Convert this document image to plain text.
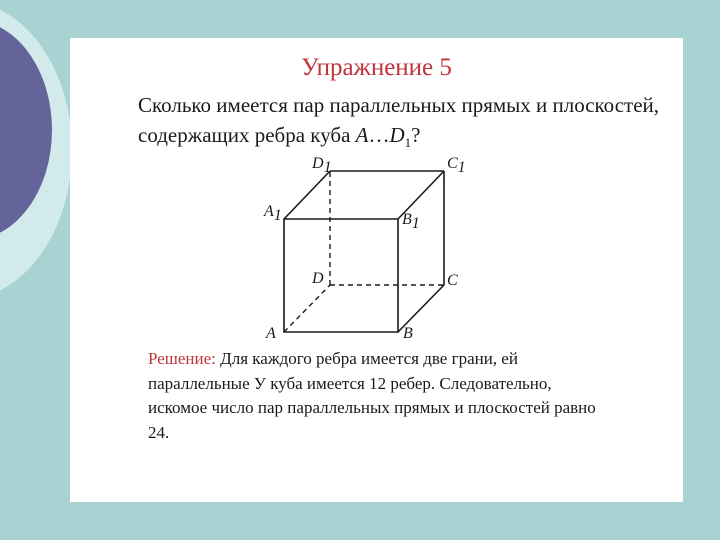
Упражнение 5
Сколько имеется пар параллельных прямых и плоскостей, содержащих ребра куба $A\dots D_1$?
D1	C1
A1	B1
D	C
A	B
Решение: Для каждого ребра имеется две грани, ей параллельные У куба имеется 12 ребер. Следовательно, искомое число пар параллельных прямых и плоскостей равно 24.
